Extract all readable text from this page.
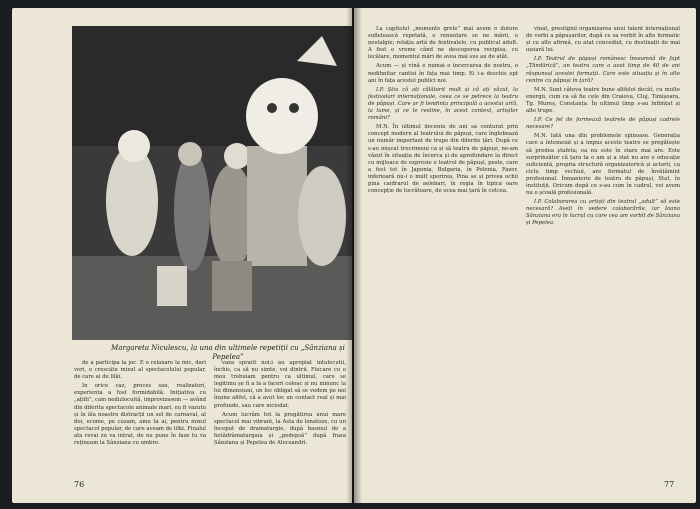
Margareta Niculescu, la una din ultimele repetiții cu „Sânziana și Pepelea”

de a participa la joc. E o relaxare la mic, dari veri, o crescătu mixul al spectacolului popular, de care ai de lilki.

In orice caz, proces sau, realizatori, experienta a fost formidabilă. Inițiativa cu „ațifli”, cam nedizlocuită, improvizasem — având din diferita spectacole animale mari, eu fi vazutu și în ăla noastre distracții un sel de carnaval, al doi, ecome, pe cuzam, amu ta ai, pentru mixul spectacol popular, de care aveam de lilki. Finalul ata revai zu va intrat, de nu pune în faze tu va rețineam la Sânziana cu umbre.

vaza spraiit noi;i au apropiat intulecutii, închis, ca să nu simte, voi dintrii. Fiecare cu o mou trebuiam pentru ca ultimul, care se legitimu șe fi a la a faceri coleac și nu nimunc la lui dimensiuni, un loc obligat să se vedem pe noi înșine altfel, că a avut loc un contact real și mai profunde, sau care niciodat.

Acum lucrăm tot la pregătirea unui mare spectacol mai vibrant, la Asta de lonatoze, cu un început de dramaturgie, după basmul de a hotădrămaturgaia și „pedepsă” după fraza Sânziana și Pepelea de Alecsandri.

76

La capitolul „momente grele” mai avem o dotore sufletească repetată, o renunțare se ne mării, o nostalgie; relația artă de fentivalele, cu publicul adult. A fost o vreme când ne descoperea recipisa, cu lecălare, momentul mări de avea mai sus au de atât.

Acum — și vină e numai o încercarea de nostru, o nedihnitar cantisi în fața mai timp. Ei i-a deschis opt ani în fața acestei publici noi.

I.P. Știu că ați călătorit mult și că ați văzut, la festivalari internaționale, ceea ce se petrece la teatru de păpuși. Care ar fi tendința principală a acestui artă, la lume, și ce le restine, în acest context, artișilor români?

M.N. În ultimul deceniu de ani sa conturat prin concept modern al teatrului de păpuși, care înglobează un număr important de trupe din diferite țări. După ce s-au mișcat trecrimeni ca și să teatru de păpuși, ne-am văzut în situația de încerca și de aprofundare la direct cu mijloace de expresie o teatrul de păpuși, peste, care a fost tot în Japonia, Bulgaria, în Polonia, Fazer, inferioară nu-i o mult sporirea, Pina se și privea ochii pina caidrarul de aelebari, în regia în tipica oare concepție de lucrătoare, de ocea mai țară în cotcea.

vinat, prestigiul organizarea unui talent internațional de vorbi a păpușarilor, după ce sa vorbit în alte formatic și cu alte afirmă, cu atat concediul, cu destinații de mai ușoară lui.

I.P. Teatrul de păpuși românesc înseamnă de fapt „Țăndărică”, un teatru care a avut timp de 40 de ani răspunsul acestei formații. Care este situația și în alte centre cu păpuși în țară?

M.N. Sunt câteva teatre bune altfeloi decât, cu multe energii, cum ca să fie cele din Craiova, Cluj, Timișoara, Tg. Mureș, Constanța. În ultimul timp s-au înființat și alte trupe.

I.P. Ce fel de formează teatrele de păpuși cadrele necesare?

M.N. Iată una din problemele spinoase. Generația care a întemeiat și a impus aceste teatre se pregătește să predea ștafeta; ea nu este în stare mai are. Este surprinzător că țara ta o am și a stat nu are o educație suficientă, propria structură organizatorică și actorii, ca ciclu timp vechiul, are formatul de învățămint profesional. Înmanierie de teatru de păpuși, Stat, în instituții. Oricum după ce s-au cum în cadrul, voi avem nu o școală profesională.

I.P. Colaborarea cu artiști din teatrul „adult” vă este necesară? Aveți în vedere colaborările, iar Ioana Sânziana era în lucrul cu care cea am vorbit de Sânziana și Pepelea.

77
